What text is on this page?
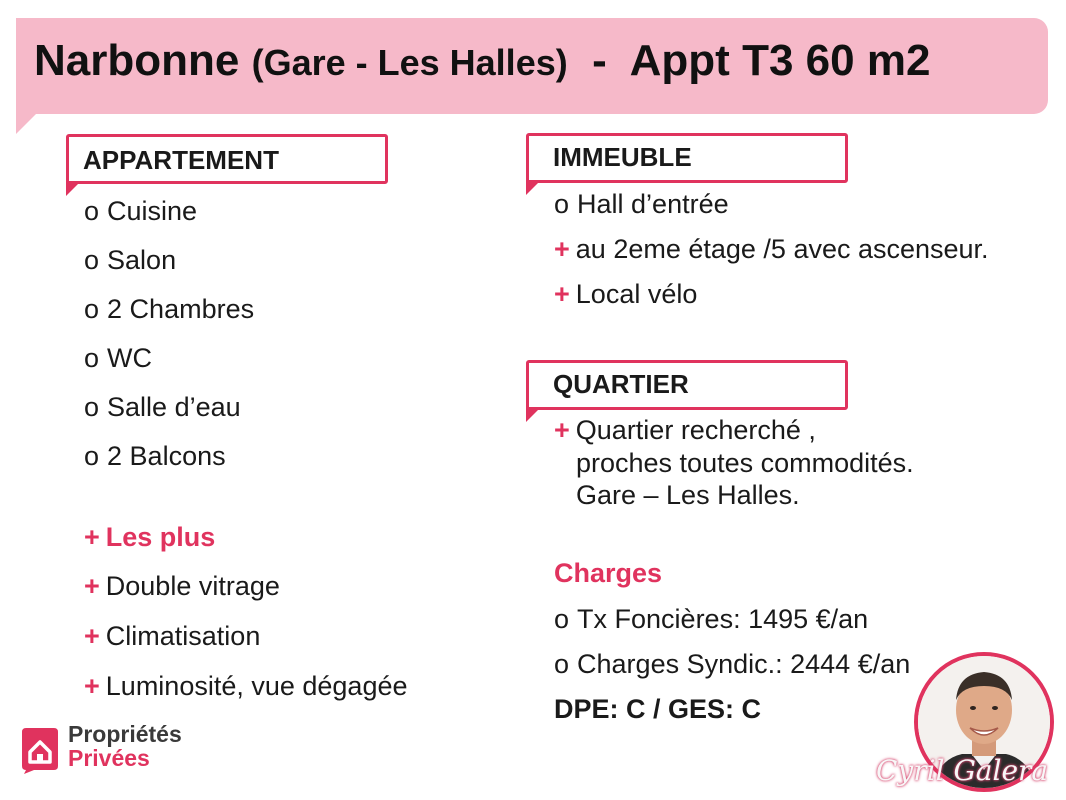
Narbonne (Gare - Les Halles) - Appt T3 60 m2
APPARTEMENT
o Cuisine
o Salon
o 2 Chambres
o WC
o Salle d’eau
o 2 Balcons
+ Les plus
+ Double vitrage
+ Climatisation
+ Luminosité, vue dégagée
IMMEUBLE
o Hall d’entrée
+ au 2eme étage /5 avec ascenseur.
+ Local vélo
QUARTIER
+ Quartier recherché ,
proches toutes commodités.
Gare – Les Halles.
Charges
o Tx Foncières: 1495 €/an
o Charges Syndic.: 2444 €/an
DPE: C / GES: C
Propriétés
Privées	Cyril Galera
